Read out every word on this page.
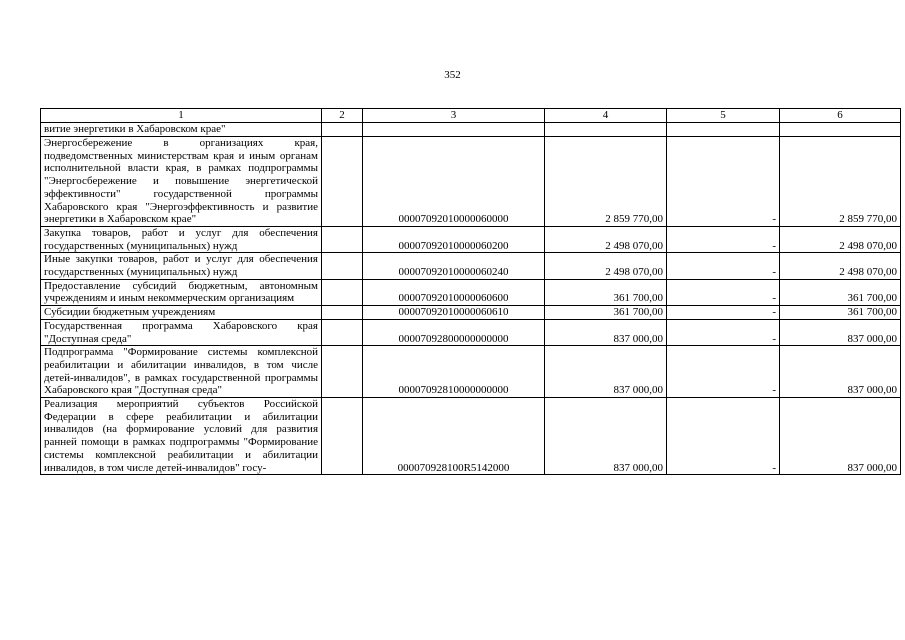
352
1	2	3	4	5	6
витие энергетики в Хабаровском крае"					
Энергосбережение в организациях края, подведомственных министерствам края и иным органам исполнительной власти края, в рамках подпрограммы "Энергосбережение и повышение энергетической эффективности" государственной программы Хабаровского края "Энергоэффективность и развитие энергетики в Хабаровском крае"		00007092010000060000	2 859 770,00	-	2 859 770,00
Закупка товаров, работ и услуг для обеспечения государственных (муниципальных) нужд		00007092010000060200	2 498 070,00	-	2 498 070,00
Иные закупки товаров, работ и услуг для обеспечения государственных (муниципальных) нужд		00007092010000060240	2 498 070,00	-	2 498 070,00
Предоставление субсидий бюджетным, автономным учреждениям и иным некоммерческим организациям		00007092010000060600	361 700,00	-	361 700,00
Субсидии бюджетным учреждениям		00007092010000060610	361 700,00	-	361 700,00
Государственная программа Хабаровского края "Доступная среда"		00007092800000000000	837 000,00	-	837 000,00
Подпрограмма "Формирование системы комплексной реабилитации и абилитации инвалидов, в том числе детей-инвалидов", в рамках государственной программы Хабаровского края "Доступная среда"		00007092810000000000	837 000,00	-	837 000,00
Реализация мероприятий субъектов Российской Федерации в сфере реабилитации и абилитации инвалидов (на формирование условий для развития ранней помощи в рамках подпрограммы "Формирование системы комплексной реабилитации и абилитации инвалидов, в том числе детей-инвалидов" госу-		000070928100R5142000	837 000,00	-	837 000,00
